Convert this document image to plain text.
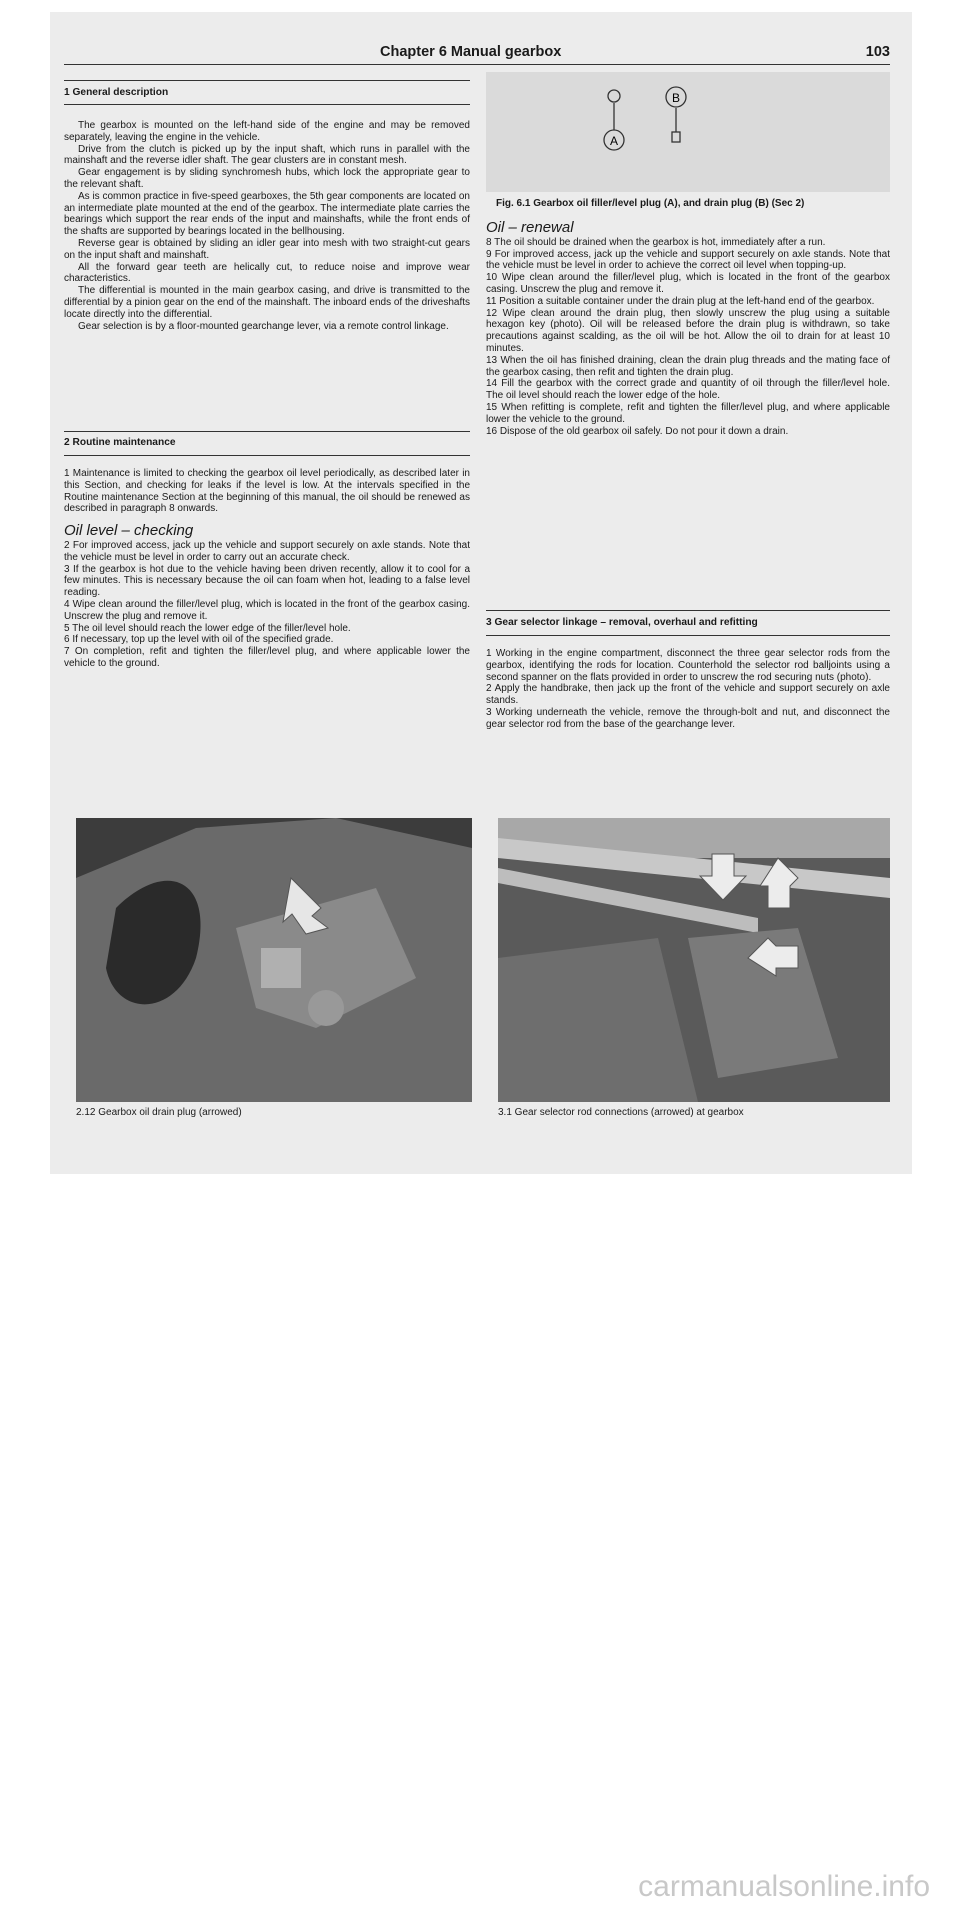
Chapter 6 Manual gearbox	103
1 General description

The gearbox is mounted on the left-hand side of the engine and may be removed separately, leaving the engine in the vehicle.

Drive from the clutch is picked up by the input shaft, which runs in parallel with the mainshaft and the reverse idler shaft. The gear clusters are in constant mesh.

Gear engagement is by sliding synchromesh hubs, which lock the appropriate gear to the relevant shaft.

As is common practice in five-speed gearboxes, the 5th gear components are located on an intermediate plate mounted at the end of the gearbox. The intermediate plate carries the bearings which support the rear ends of the input and mainshafts, while the front ends of the shafts are supported by bearings located in the bellhousing.

Reverse gear is obtained by sliding an idler gear into mesh with two straight-cut gears on the input shaft and mainshaft.

All the forward gear teeth are helically cut, to reduce noise and improve wear characteristics.

The differential is mounted in the main gearbox casing, and drive is transmitted to the differential by a pinion gear on the end of the mainshaft. The inboard ends of the driveshafts locate directly into the differential.

Gear selection is by a floor-mounted gearchange lever, via a remote control linkage.

2 Routine maintenance

1 Maintenance is limited to checking the gearbox oil level periodically, as described later in this Section, and checking for leaks if the level is low. At the intervals specified in the Routine maintenance Section at the beginning of this manual, the oil should be renewed as described in paragraph 8 onwards.

Oil level – checking

2 For improved access, jack up the vehicle and support securely on axle stands. Note that the vehicle must be level in order to carry out an accurate check.

3 If the gearbox is hot due to the vehicle having been driven recently, allow it to cool for a few minutes. This is necessary because the oil can foam when hot, leading to a false level reading.

4 Wipe clean around the filler/level plug, which is located in the front of the gearbox casing. Unscrew the plug and remove it.

5 The oil level should reach the lower edge of the filler/level hole.

6 If necessary, top up the level with oil of the specified grade.

7 On completion, refit and tighten the filler/level plug, and where applicable lower the vehicle to the ground.

A
B
Fig. 6.1 Gearbox oil filler/level plug (A), and drain plug (B) (Sec 2)
Oil – renewal

8 The oil should be drained when the gearbox is hot, immediately after a run.

9 For improved access, jack up the vehicle and support securely on axle stands. Note that the vehicle must be level in order to achieve the correct oil level when topping-up.

10 Wipe clean around the filler/level plug, which is located in the front of the gearbox casing. Unscrew the plug and remove it.

11 Position a suitable container under the drain plug at the left-hand end of the gearbox.

12 Wipe clean around the drain plug, then slowly unscrew the plug using a suitable hexagon key (photo). Oil will be released before the drain plug is withdrawn, so take precautions against scalding, as the oil will be hot. Allow the oil to drain for at least 10 minutes.

13 When the oil has finished draining, clean the drain plug threads and the mating face of the gearbox casing, then refit and tighten the drain plug.

14 Fill the gearbox with the correct grade and quantity of oil through the filler/level hole. The oil level should reach the lower edge of the hole.

15 When refitting is complete, refit and tighten the filler/level plug, and where applicable lower the vehicle to the ground.

16 Dispose of the old gearbox oil safely. Do not pour it down a drain.

3 Gear selector linkage – removal, overhaul and refitting

1 Working in the engine compartment, disconnect the three gear selector rods from the gearbox, identifying the rods for location. Counterhold the selector rod balljoints using a second spanner on the flats provided in order to unscrew the rod securing nuts (photo).

2 Apply the handbrake, then jack up the front of the vehicle and support securely on axle stands.

3 Working underneath the vehicle, remove the through-bolt and nut, and disconnect the gear selector rod from the base of the gearchange lever.

2.12 Gearbox oil drain plug (arrowed)	3.1 Gear selector rod connections (arrowed) at gearbox
carmanualsonline.info
